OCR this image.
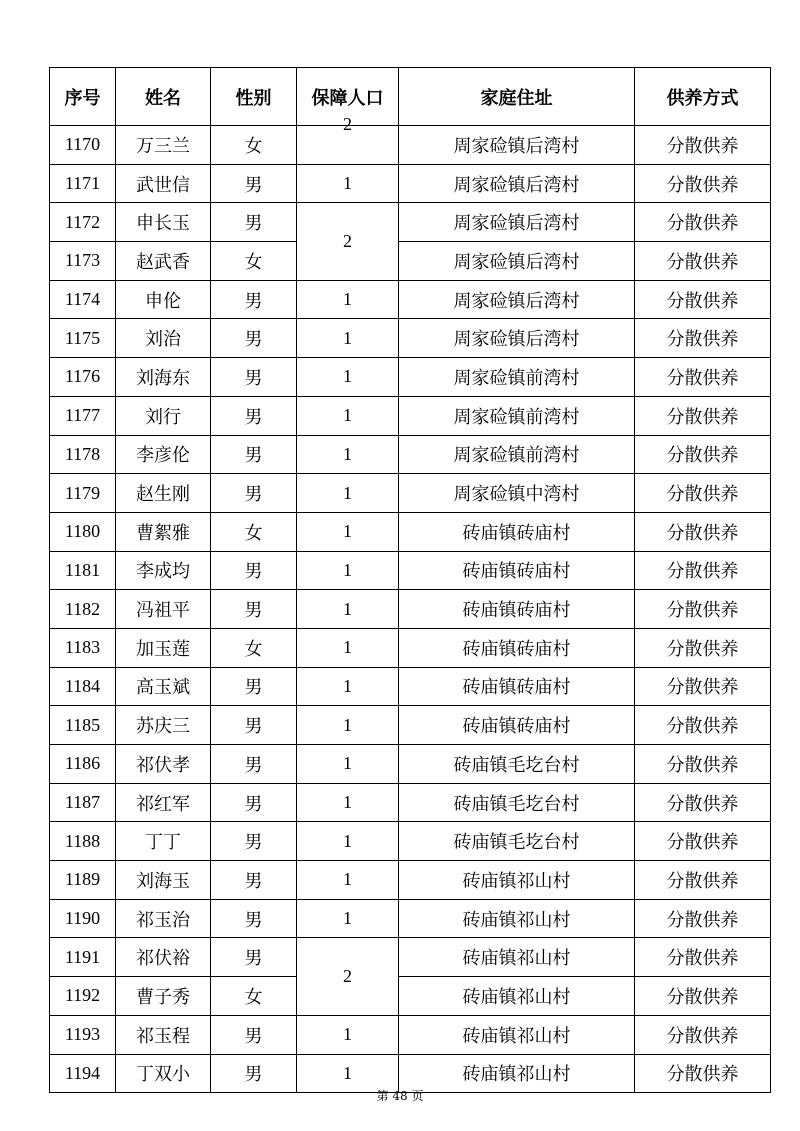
序号	姓名	性别	保障人口	家庭住址	供养方式
1170	万三兰	女	2	周家硷镇后湾村	分散供养
1171	武世信	男	1	周家硷镇后湾村	分散供养
1172	申长玉	男	2	周家硷镇后湾村	分散供养
1173	赵武香	女		周家硷镇后湾村	分散供养
1174	申伦	男	1	周家硷镇后湾村	分散供养
1175	刘治	男	1	周家硷镇后湾村	分散供养
1176	刘海东	男	1	周家硷镇前湾村	分散供养
1177	刘行	男	1	周家硷镇前湾村	分散供养
1178	李彦伦	男	1	周家硷镇前湾村	分散供养
1179	赵生刚	男	1	周家硷镇中湾村	分散供养
1180	曹絮雅	女	1	砖庙镇砖庙村	分散供养
1181	李成均	男	1	砖庙镇砖庙村	分散供养
1182	冯祖平	男	1	砖庙镇砖庙村	分散供养
1183	加玉莲	女	1	砖庙镇砖庙村	分散供养
1184	高玉斌	男	1	砖庙镇砖庙村	分散供养
1185	苏庆三	男	1	砖庙镇砖庙村	分散供养
1186	祁伏孝	男	1	砖庙镇毛圪台村	分散供养
1187	祁红军	男	1	砖庙镇毛圪台村	分散供养
1188	丁丁	男	1	砖庙镇毛圪台村	分散供养
1189	刘海玉	男	1	砖庙镇祁山村	分散供养
1190	祁玉治	男	1	砖庙镇祁山村	分散供养
1191	祁伏裕	男	2	砖庙镇祁山村	分散供养
1192	曹子秀	女		砖庙镇祁山村	分散供养
1193	祁玉程	男	1	砖庙镇祁山村	分散供养
1194	丁双小	男	1	砖庙镇祁山村	分散供养
第 48 页
